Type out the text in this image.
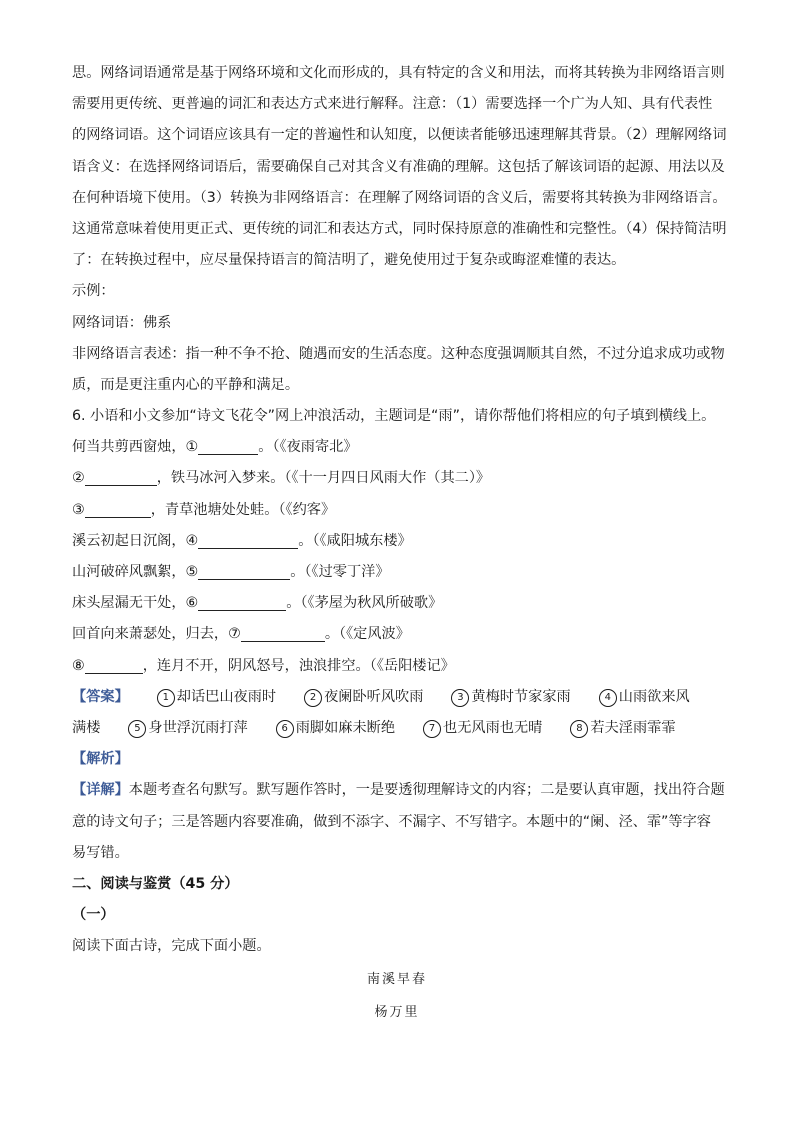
思。网络词语通常是基于网络环境和文化而形成的，具有特定的含义和用法，而将其转换为非网络语言则
需要用更传统、更普遍的词汇和表达方式来进行解释。注意：（1）需要选择一个广为人知、具有代表性
的网络词语。这个词语应该具有一定的普遍性和认知度，以便读者能够迅速理解其背景。（2）理解网络词
语含义：在选择网络词语后，需要确保自己对其含义有准确的理解。这包括了解该词语的起源、用法以及
在何种语境下使用。（3）转换为非网络语言：在理解了网络词语的含义后，需要将其转换为非网络语言。
这通常意味着使用更正式、更传统的词汇和表达方式，同时保持原意的准确性和完整性。（4）保持简洁明
了：在转换过程中，应尽量保持语言的简洁明了，避免使用过于复杂或晦涩难懂的表达。
示例：
网络词语：佛系
非网络语言表述：指一种不争不抢、随遇而安的生活态度。这种态度强调顺其自然，不过分追求成功或物
质，而是更注重内心的平静和满足。
6. 小语和小文参加“诗文飞花令”网上冲浪活动，主题词是“雨”，请你帮他们将相应的句子填到横线上。
何当共剪西窗烛，①	。（《夜雨寄北》
②	，铁马冰河入梦来。（《十一月四日风雨大作（其二）》
③	，青草池塘处处蛙。（《约客》
溪云初起日沉阁，④	。（《咸阳城东楼》
山河破碎风飘絮，⑤	。（《过零丁洋》
床头屋漏无干处，⑥	。（《茅屋为秋风所破歌》
回首向来萧瑟处，归去，⑦	。（《定风波》
⑧	，连月不开，阴风怒号，浊浪排空。（《岳阳楼记》
【答案】	1 却话巴山夜雨时	2 夜阑卧听风吹雨	3 黄梅时节家家雨	4 山雨欲来风
满楼	5 身世浮沉雨打萍	6 雨脚如麻未断绝	7 也无风雨也无晴	8 若夫淫雨霏霏
【解析】
【详解】本题考查名句默写。默写题作答时，一是要透彻理解诗文的内容；二是要认真审题，找出符合题
意的诗文句子；三是答题内容要准确，做到不添字、不漏字、不写错字。本题中的“阑、泾、霏”等字容
易写错。
二、阅读与鉴赏（45 分）
（一）
阅读下面古诗，完成下面小题。
南溪早春
杨万里
